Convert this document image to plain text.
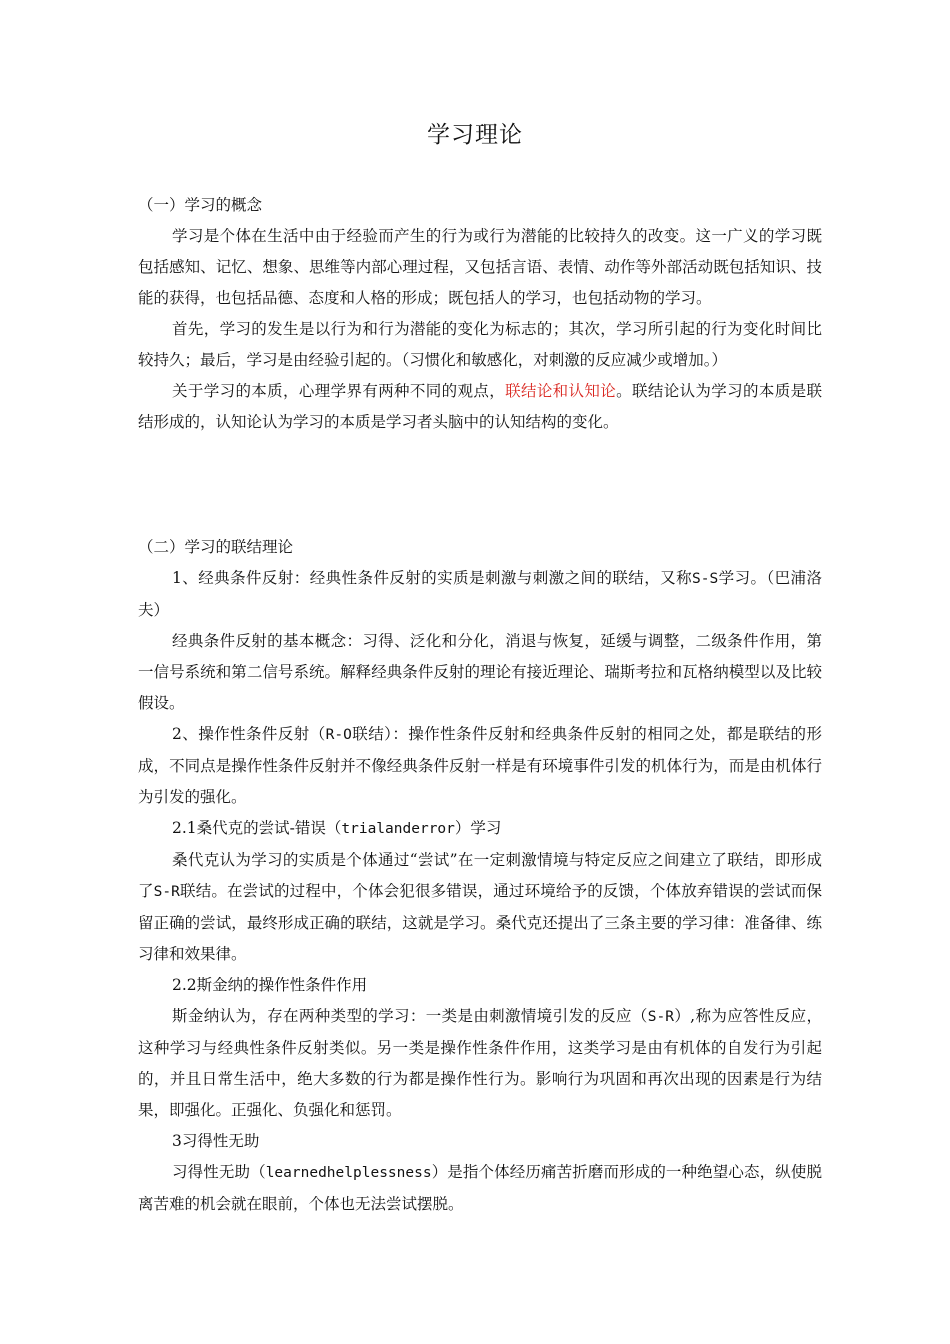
学习理论

（一）学习的概念

学习是个体在生活中由于经验而产生的行为或行为潜能的比较持久的改变。这一广义的学习既包括感知、记忆、想象、思维等内部心理过程，又包括言语、表情、动作等外部活动既包括知识、技能的获得，也包括品德、态度和人格的形成；既包括人的学习，也包括动物的学习。

首先，学习的发生是以行为和行为潜能的变化为标志的；其次，学习所引起的行为变化时间比较持久；最后，学习是由经验引起的。（习惯化和敏感化，对刺激的反应减少或增加。）

关于学习的本质，心理学界有两种不同的观点，联结论和认知论。联结论认为学习的本质是联结形成的，认知论认为学习的本质是学习者头脑中的认知结构的变化。

（二）学习的联结理论

1、经典条件反射：经典性条件反射的实质是刺激与刺激之间的联结，又称S-S学习。（巴浦洛夫）

经典条件反射的基本概念：习得、泛化和分化，消退与恢复，延缓与调整，二级条件作用，第一信号系统和第二信号系统。解释经典条件反射的理论有接近理论、瑞斯考拉和瓦格纳模型以及比较假设。

2、操作性条件反射（R-O联结）：操作性条件反射和经典条件反射的相同之处，都是联结的形成，不同点是操作性条件反射并不像经典条件反射一样是有环境事件引发的机体行为，而是由机体行为引发的强化。

2.1桑代克的尝试-错误（trialanderror）学习

桑代克认为学习的实质是个体通过“尝试”在一定刺激情境与特定反应之间建立了联结，即形成了S-R联结。在尝试的过程中，个体会犯很多错误，通过环境给予的反馈，个体放弃错误的尝试而保留正确的尝试，最终形成正确的联结，这就是学习。桑代克还提出了三条主要的学习律：准备律、练习律和效果律。

2.2斯金纳的操作性条件作用

斯金纳认为，存在两种类型的学习：一类是由刺激情境引发的反应（S-R）,称为应答性反应，这种学习与经典性条件反射类似。另一类是操作性条件作用，这类学习是由有机体的自发行为引起的，并且日常生活中，绝大多数的行为都是操作性行为。影响行为巩固和再次出现的因素是行为结果，即强化。正强化、负强化和惩罚。

3习得性无助

习得性无助（learnedhelplessness）是指个体经历痛苦折磨而形成的一种绝望心态，纵使脱离苦难的机会就在眼前，个体也无法尝试摆脱。
